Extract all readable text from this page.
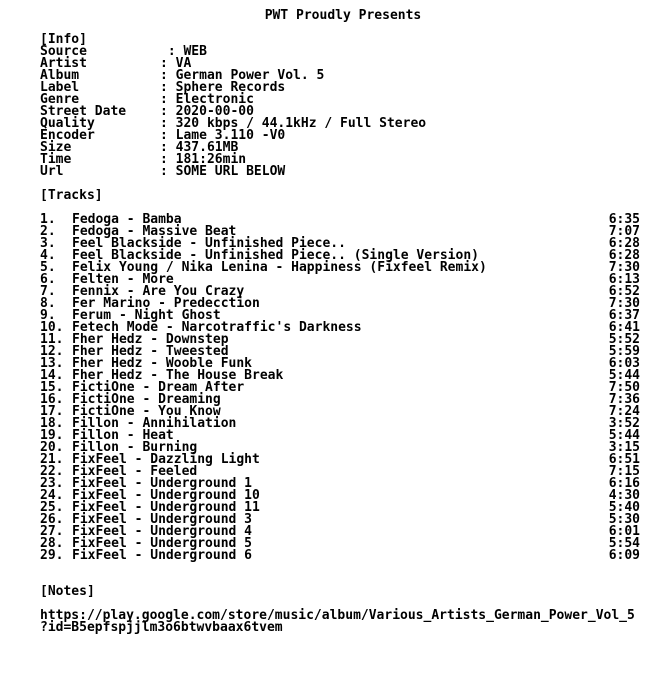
PWT Proudly Presents

[Info]
Source	: WEB
Artist	: VA
Album	: German Power Vol. 5
Label	: Sphere Records
Genre	: Electronic
Street Date	: 2020-00-00
Quality	: 320 kbps / 44.1kHz / Full Stereo
Encoder	: Lame 3.110 -V0
Size	: 437.61MB
Time	: 181:26min
Url	: SOME URL BELOW
[Tracks]
1. Fedoga - Bamba	6:35
2. Fedoga - Massive Beat	7:07
3. Feel Blackside - Unfinished Piece..	6:28
4. Feel Blackside - Unfinished Piece.. (Single Version)	6:28
5. Felix Young / Nika Lenina - Happiness (Fixfeel Remix)	7:30
6. Felten - More	6:13
7. Fennix - Are You Crazy	6:52
8. Fer Marino - Predecction	7:30
9. Ferum - Night Ghost	6:37
10. Fetech Mode - Narcotraffic's Darkness	6:41
11. Fher Hedz - Downstep	5:52
12. Fher Hedz - Tweested	5:59
13. Fher Hedz - Wooble Funk	6:03
14. Fher Hedz - The House Break	5:44
15. FictiOne - Dream After	7:50
16. FictiOne - Dreaming	7:36
17. FictiOne - You Know	7:24
18. Fillon - Annihilation	3:52
19. Fillon - Heat	5:44
20. Fillon - Burning	3:15
21. FixFeel - Dazzling Light	6:51
22. FixFeel - Feeled	7:15
23. FixFeel - Underground 1	6:16
24. FixFeel - Underground 10	4:30
25. FixFeel - Underground 11	5:40
26. FixFeel - Underground 3	5:30
27. FixFeel - Underground 4	6:01
28. FixFeel - Underground 5	5:54
29. FixFeel - Underground 6	6:09
[Notes]
https://play.google.com/store/music/album/Various_Artists_German_Power_Vol_5
?id=B5epfspjjlm3o6btwvbaax6tvem
